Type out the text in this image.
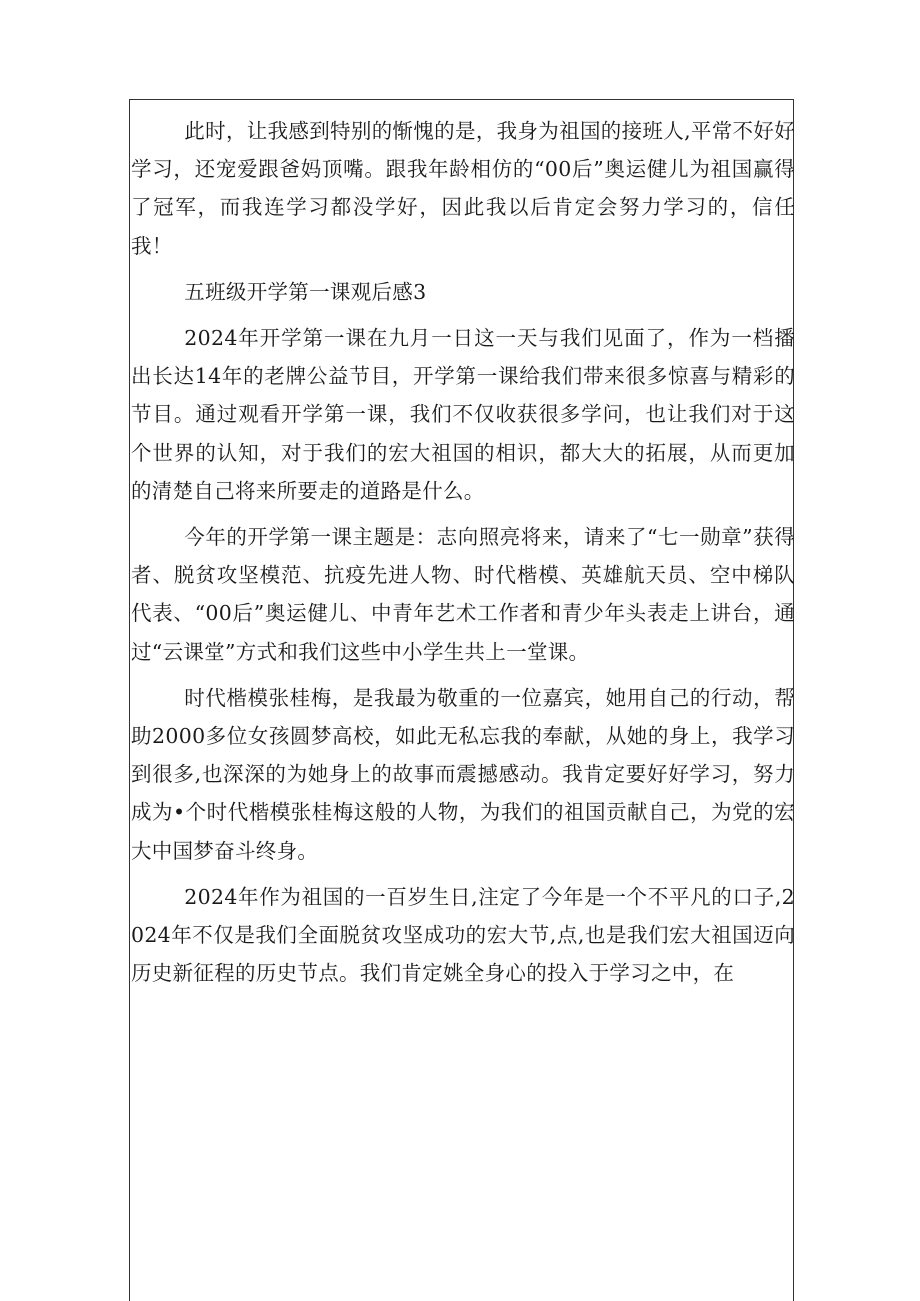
此时，让我感到特别的惭愧的是，我身为祖国的接班人,平常不好好学习，还宠爱跟爸妈顶嘴。跟我年龄相仿的“00后”奥运健儿为祖国赢得了冠军，而我连学习都没学好，因此我以后肯定会努力学习的，信任我！

五班级开学第一课观后感3

2024年开学第一课在九月一日这一天与我们见面了，作为一档播出长达14年的老牌公益节目，开学第一课给我们带来很多惊喜与精彩的节目。通过观看开学第一课，我们不仅收获很多学问，也让我们对于这个世界的认知，对于我们的宏大祖国的相识，都大大的拓展，从而更加的清楚自己将来所要走的道路是什么。

今年的开学第一课主题是：志向照亮将来，请来了“七一勋章”获得者、脱贫攻坚模范、抗疫先进人物、时代楷模、英雄航天员、空中梯队代表、“00后”奥运健儿、中青年艺术工作者和青少年头表走上讲台，通过“云课堂”方式和我们这些中小学生共上一堂课。

时代楷模张桂梅，是我最为敬重的一位嘉宾，她用自己的行动，帮助2000多位女孩圆梦高校，如此无私忘我的奉献，从她的身上，我学习到很多,也深深的为她身上的故事而震撼感动。我肯定要好好学习，努力成为•个时代楷模张桂梅这般的人物，为我们的祖国贡献自己，为党的宏大中国梦奋斗终身。

2024年作为祖国的一百岁生日,注定了今年是一个不平凡的口子,2024年不仅是我们全面脱贫攻坚成功的宏大节,点,也是我们宏大祖国迈向历史新征程的历史节点。我们肯定姚全身心的投入于学习之中，在
